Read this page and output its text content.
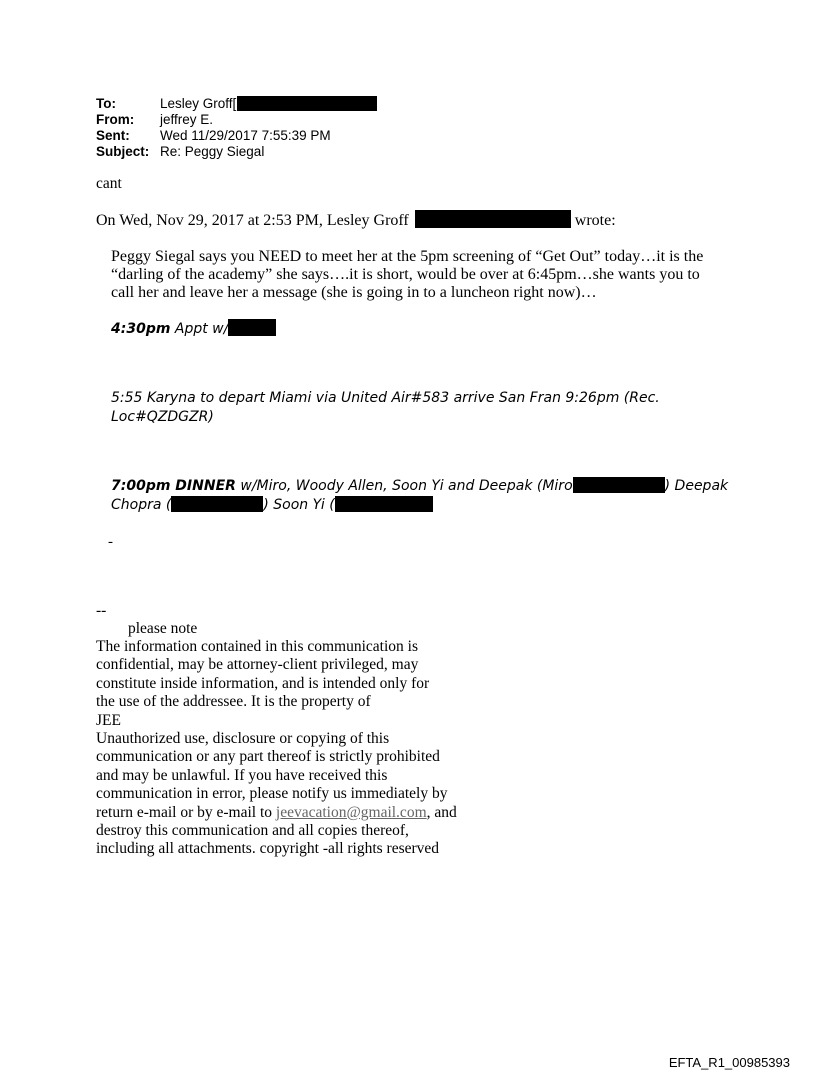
To:	Lesley Groff[
From:	jeffrey E.
Sent:	Wed 11/29/2017 7:55:39 PM
Subject: Re: Peggy Siegal
cant
On Wed, Nov 29, 2017 at 2:53 PM, Lesley Groff	wrote:
Peggy Siegal says you NEED to meet her at the 5pm screening of “Get Out” today…it is the
“darling of the academy” she says….it is short, would be over at 6:45pm…she wants you to
call her and leave her a message (she is going in to a luncheon right now)…
4:30pm Appt w/
5:55 Karyna to depart Miami via United Air#583 arrive San Fran 9:26pm (Rec.
Loc#QZDGZR)
7:00pm DINNER w/Miro, Woody Allen, Soon Yi and Deepak (Miro	) Deepak
Chopra (	) Soon Yi (
-
--
please note
The information contained in this communication is
confidential, may be attorney-client privileged, may
constitute inside information, and is intended only for
the use of the addressee. It is the property of
JEE
Unauthorized use, disclosure or copying of this
communication or any part thereof is strictly prohibited
and may be unlawful. If you have received this
communication in error, please notify us immediately by
return e-mail or by e-mail to jeevacation@gmail.com, and
destroy this communication and all copies thereof,
including all attachments. copyright -all rights reserved
EFTA_R1_00985393
